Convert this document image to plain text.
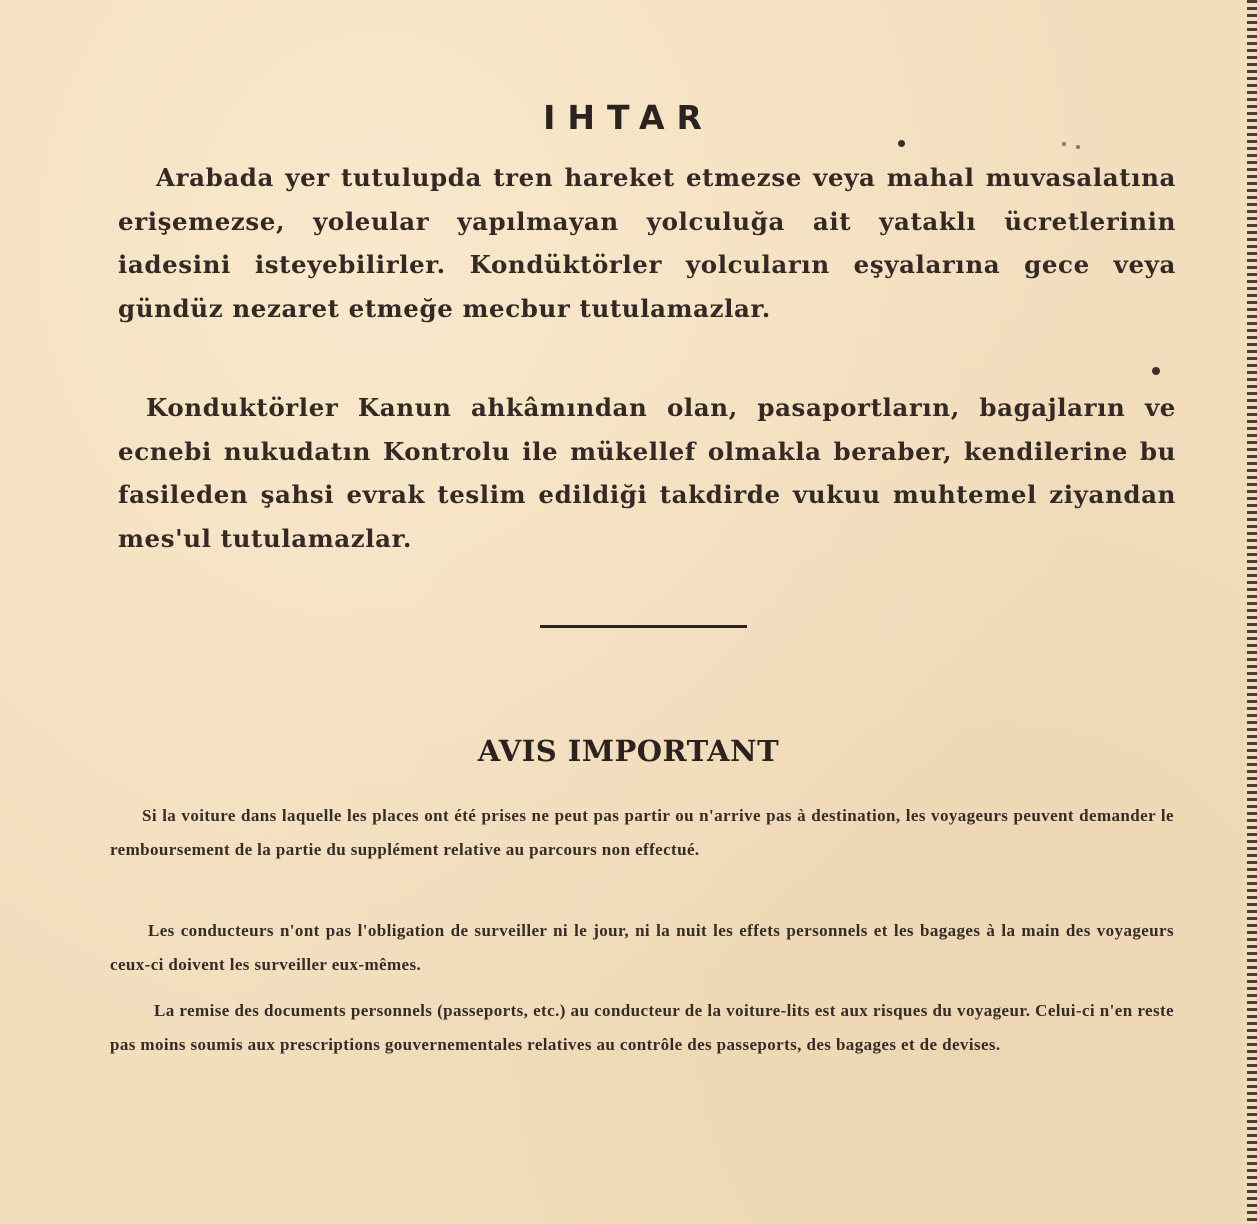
IHTAR
Arabada yer tutulupda tren hareket etmezse veya mahal muvasalatına erişemezse, yoleular yapılmayan yolculuğa ait yataklı ücretlerinin iadesini isteyebilirler. Kondüktörler yolcuların eşyalarına gece veya gündüz nezaret etmeğe mecbur tutulamazlar.
Konduktörler Kanun ahkâmından olan, pasaportların, bagajların ve ecnebi nukudatın Kontrolu ile mükellef olmakla beraber, kendilerine bu fasileden şahsi evrak teslim edildiği takdirde vukuu muhtemel ziyandan mes'ul tutulamazlar.
AVIS IMPORTANT
Si la voiture dans laquelle les places ont été prises ne peut pas partir ou n'arrive pas à destination, les voyageurs peuvent demander le remboursement de la partie du supplément relative au parcours non effectué.
Les conducteurs n'ont pas l'obligation de surveiller ni le jour, ni la nuit les effets personnels et les bagages à la main des voyageurs ceux-ci doivent les surveiller eux-mêmes.
La remise des documents personnels (passeports, etc.) au conducteur de la voiture-lits est aux risques du voyageur. Celui-ci n'en reste pas moins soumis aux prescriptions gouvernementales relatives au contrôle des passeports, des bagages et de devises.
